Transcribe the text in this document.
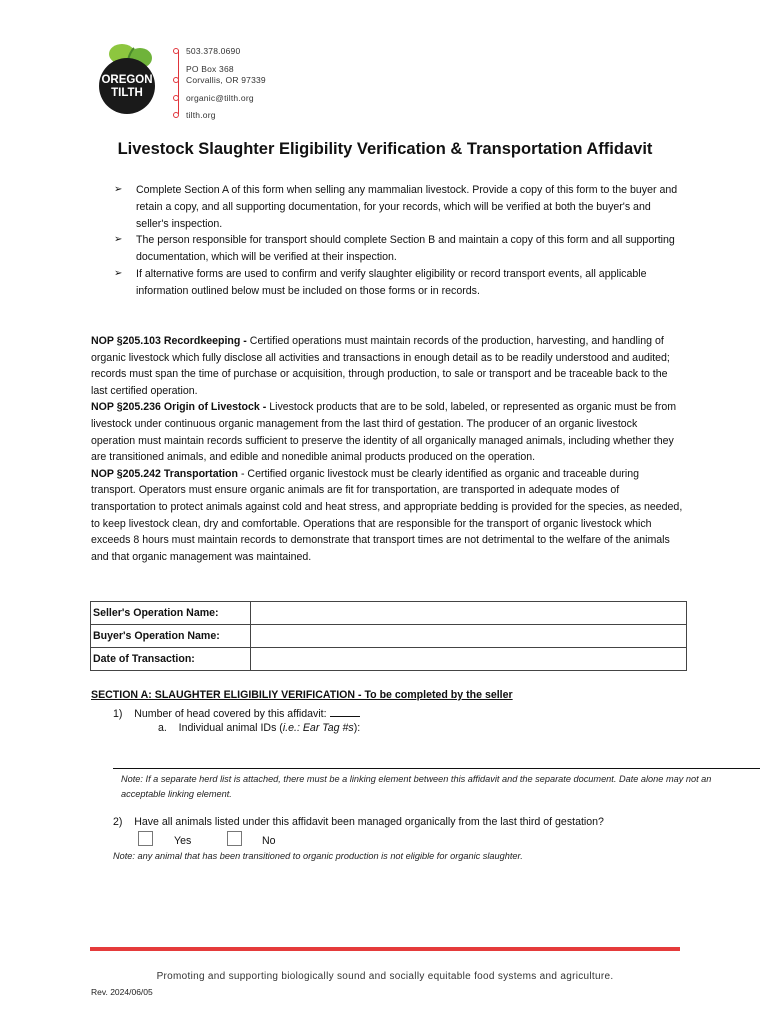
OREGON
TILTH
503.378.0690
PO Box 368
Corvallis, OR 97339
organic@tilth.org
tilth.org
Livestock Slaughter Eligibility Verification & Transportation Affidavit
➢ Complete Section A of this form when selling any mammalian livestock. Provide a copy of this form to the buyer and retain a copy, and all supporting documentation, for your records, which will be verified at both the buyer's and seller's inspection.
➢ The person responsible for transport should complete Section B and maintain a copy of this form and all supporting documentation, which will be verified at their inspection.
➢ If alternative forms are used to confirm and verify slaughter eligibility or record transport events, all applicable information outlined below must be included on those forms or in records.

NOP §205.103 Recordkeeping - Certified operations must maintain records of the production, harvesting, and handling of organic livestock which fully disclose all activities and transactions in enough detail as to be readily understood and audited; records must span the time of purchase or acquisition, through production, to sale or transport and be traceable back to the last certified operation.

NOP §205.236 Origin of Livestock - Livestock products that are to be sold, labeled, or represented as organic must be from livestock under continuous organic management from the last third of gestation. The producer of an organic livestock operation must maintain records sufficient to preserve the identity of all organically managed animals, including whether they are transitioned animals, and edible and nonedible animal products produced on the operation.

NOP §205.242 Transportation - Certified organic livestock must be clearly identified as organic and traceable during transport. Operators must ensure organic animals are fit for transportation, are transported in adequate modes of transportation to protect animals against cold and heat stress, and appropriate bedding is provided for the species, as needed, to keep livestock clean, dry and comfortable. Operations that are responsible for the transport of organic livestock which exceeds 8 hours must maintain records to demonstrate that transport times are not detrimental to the welfare of the animals and that organic management was maintained.

Seller's Operation Name:	
Buyer's Operation Name:	
Date of Transaction:	
SECTION A: SLAUGHTER ELIGIBILIY VERIFICATION - To be completed by the seller
1) Number of head covered by this affidavit:
a. Individual animal IDs (i.e.: Ear Tag #s):
Note: If a separate herd list is attached, there must be a linking element between this affidavit and the separate document. Date alone may not an acceptable linking element.
2) Have all animals listed under this affidavit been managed organically from the last third of gestation?
Yes	No
Note: any animal that has been transitioned to organic production is not eligible for organic slaughter.
Promoting and supporting biologically sound and socially equitable food systems and agriculture.
Rev. 2024/06/05
